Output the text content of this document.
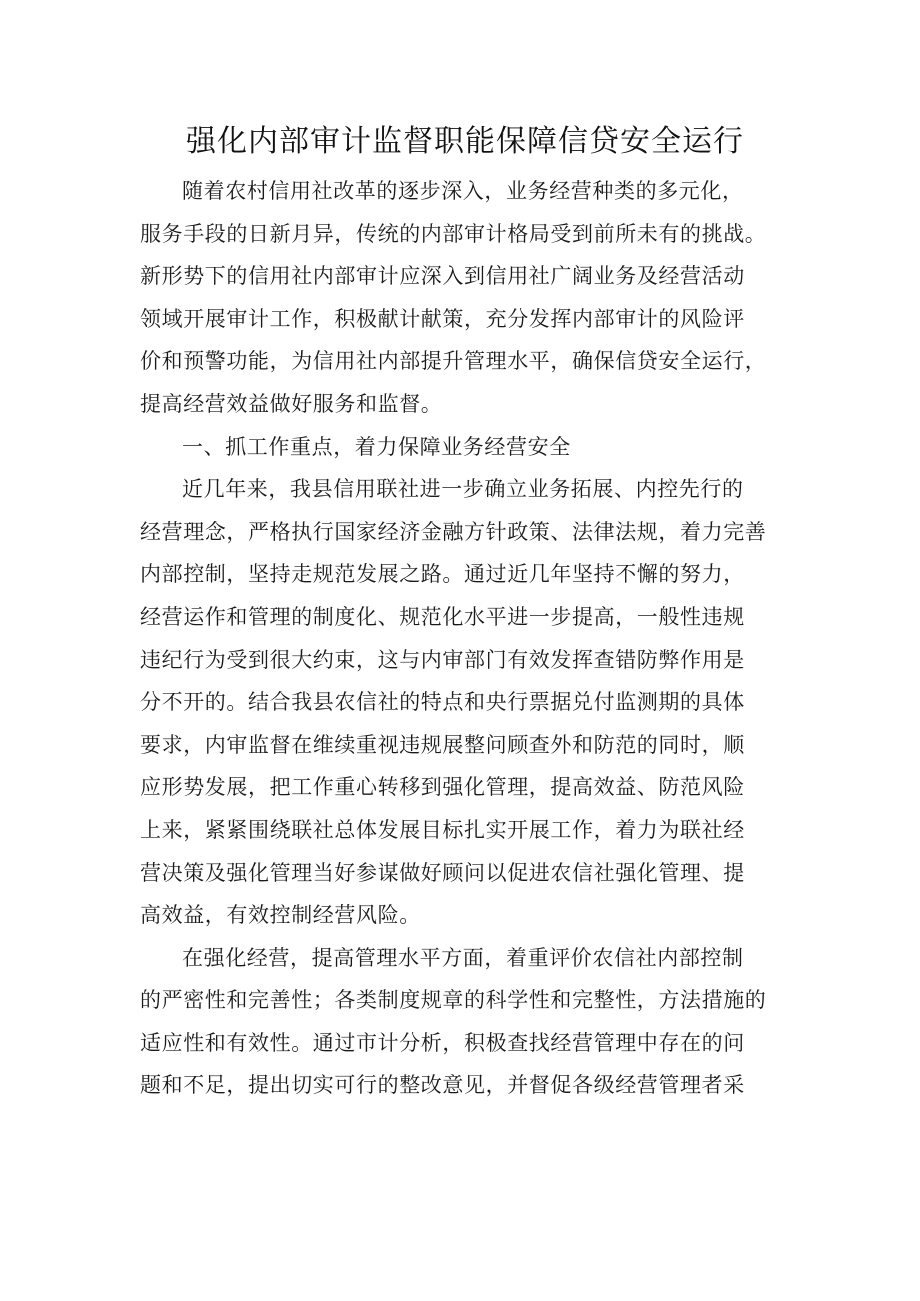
强化内部审计监督职能保障信贷安全运行

随着农村信用社改革的逐步深入，业务经营种类的多元化，
服务手段的日新月异，传统的内部审计格局受到前所未有的挑战。
新形势下的信用社内部审计应深入到信用社广阔业务及经营活动
领域开展审计工作，积极献计献策，充分发挥内部审计的风险评
价和预警功能，为信用社内部提升管理水平，确保信贷安全运行，
提高经营效益做好服务和监督。

一、抓工作重点，着力保障业务经营安全

近几年来，我县信用联社进一步确立业务拓展、内控先行的
经营理念，严格执行国家经济金融方针政策、法律法规，着力完善
内部控制，坚持走规范发展之路。通过近几年坚持不懈的努力，
经营运作和管理的制度化、规范化水平进一步提高，一般性违规
违纪行为受到很大约束，这与内审部门有效发挥查错防弊作用是
分不开的。结合我县农信社的特点和央行票据兑付监测期的具体
要求，内审监督在维续重视违规展整问顾查外和防范的同时，顺
应形势发展，把工作重心转移到强化管理，提高效益、防范风险
上来，紧紧围绕联社总体发展目标扎实开展工作，着力为联社经
营决策及强化管理当好参谋做好顾问以促进农信社强化管理、提
高效益，有效控制经营风险。

在强化经营，提高管理水平方面，着重评价农信社内部控制
的严密性和完善性；各类制度规章的科学性和完整性，方法措施的
适应性和有效性。通过市计分析，积极查找经营管理中存在的问
题和不足，提出切实可行的整改意见，并督促各级经营管理者采
